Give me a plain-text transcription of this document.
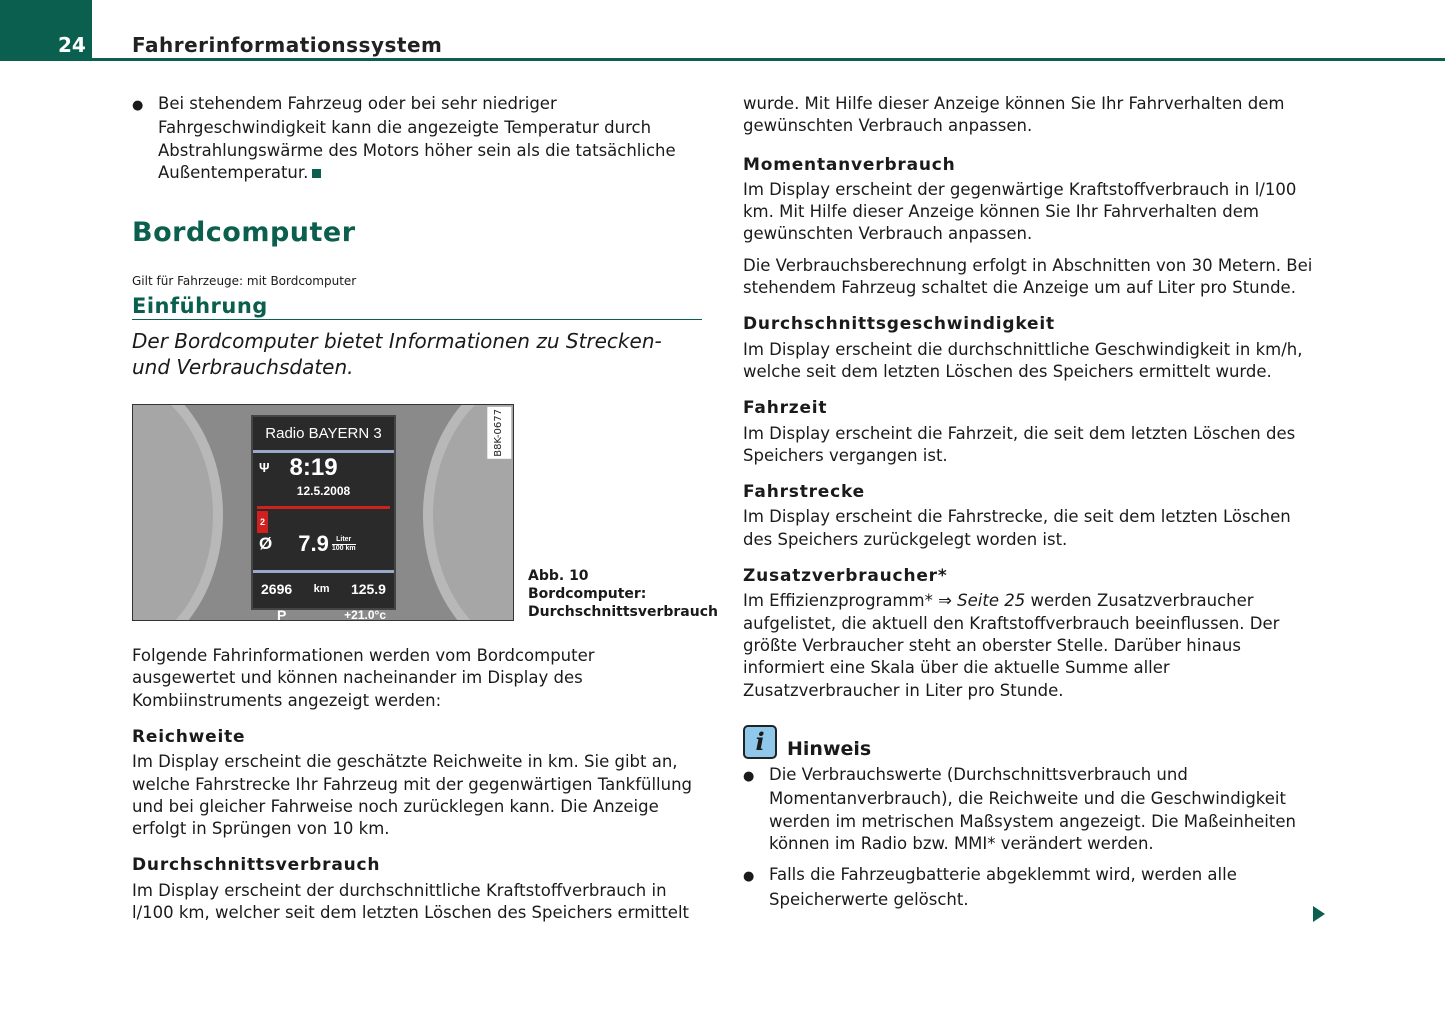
24 Fahrerinformationssystem

● Bei stehendem Fahrzeug oder bei sehr niedriger Fahrgeschwindigkeit kann die angezeigte Temperatur durch Abstrahlungswärme des Motors höher sein als die tatsächliche Außentemperatur.

Bordcomputer
Gilt für Fahrzeuge: mit Bordcomputer
Einführung
Der Bordcomputer bietet Informationen zu Strecken- und Verbrauchsdaten.
Radio BAYERN 3
Ψ 8:19
12.5.2008
2
Ø 7.9	Liter
100 km
2696 km 125.9
P	+21.0°c
B8K-0677
Abb. 10 Bordcomputer: Durchschnittsverbrauch

Folgende Fahrinformationen werden vom Bordcomputer ausgewertet und können nacheinander im Display des Kombiinstruments angezeigt werden:

Reichweite

Im Display erscheint die geschätzte Reichweite in km. Sie gibt an, welche Fahrstrecke Ihr Fahrzeug mit der gegenwärtigen Tankfüllung und bei gleicher Fahrweise noch zurücklegen kann. Die Anzeige erfolgt in Sprüngen von 10 km.

Durchschnittsverbrauch

Im Display erscheint der durchschnittliche Kraftstoffverbrauch in l/100 km, welcher seit dem letzten Löschen des Speichers ermittelt

wurde. Mit Hilfe dieser Anzeige können Sie Ihr Fahrverhalten dem gewünschten Verbrauch anpassen.

Momentanverbrauch

Im Display erscheint der gegenwärtige Kraftstoffverbrauch in l/100 km. Mit Hilfe dieser Anzeige können Sie Ihr Fahrverhalten dem gewünschten Verbrauch anpassen.

Die Verbrauchsberechnung erfolgt in Abschnitten von 30 Metern. Bei stehendem Fahrzeug schaltet die Anzeige um auf Liter pro Stunde.

Durchschnittsgeschwindigkeit

Im Display erscheint die durchschnittliche Geschwindigkeit in km/h, welche seit dem letzten Löschen des Speichers ermittelt wurde.

Fahrzeit

Im Display erscheint die Fahrzeit, die seit dem letzten Löschen des Speichers vergangen ist.

Fahrstrecke

Im Display erscheint die Fahrstrecke, die seit dem letzten Löschen des Speichers zurückgelegt worden ist.

Zusatzverbraucher*

Im Effizienzprogramm* ⇒ Seite 25 werden Zusatzverbraucher aufgelistet, die aktuell den Kraftstoffverbrauch beeinflussen. Der größte Verbraucher steht an oberster Stelle. Darüber hinaus informiert eine Skala über die aktuelle Summe aller Zusatzverbraucher in Liter pro Stunde.

i	Hinweis

● Die Verbrauchswerte (Durchschnittsverbrauch und Momentanverbrauch), die Reichweite und die Geschwindigkeit werden im metrischen Maßsystem angezeigt. Die Maßeinheiten können im Radio bzw. MMI* verändert werden.

● Falls die Fahrzeugbatterie abgeklemmt wird, werden alle Speicherwerte gelöscht.
